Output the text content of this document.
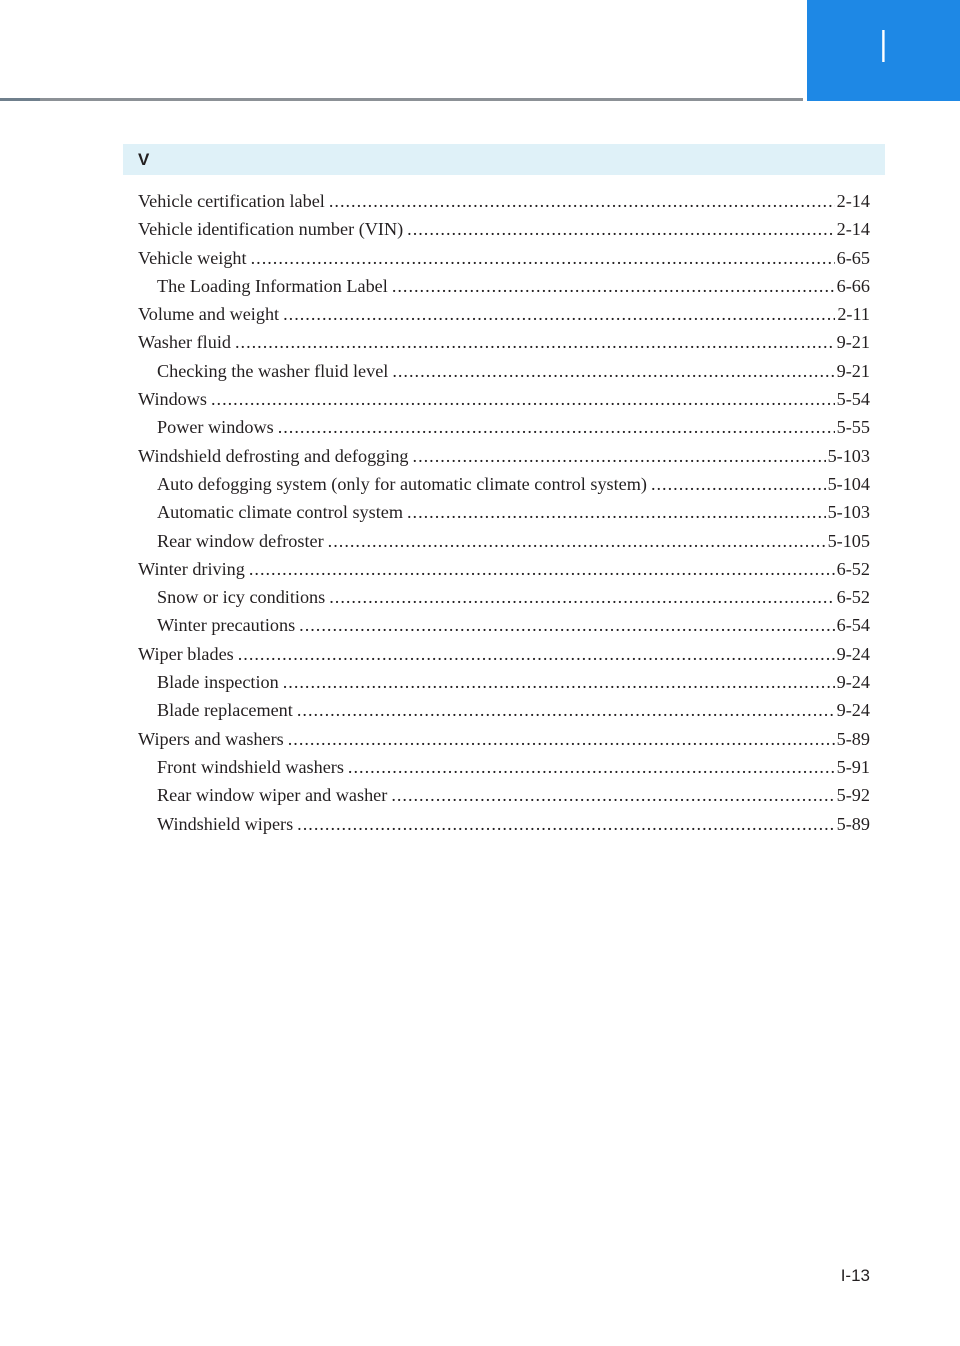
I
V
Vehicle certification label .....	2-14
Vehicle identification number (VIN) .....	2-14
Vehicle weight .....	6-65
The Loading Information Label .....	6-66
Volume and weight .....	2-11
Washer fluid .....	9-21
Checking the washer fluid level .....	9-21
Windows .....	5-54
Power windows .....	5-55
Windshield defrosting and defogging .....	5-103
Auto defogging system (only for automatic climate control system) .....	5-104
Automatic climate control system .....	5-103
Rear window defroster .....	5-105
Winter driving .....	6-52
Snow or icy conditions .....	6-52
Winter precautions .....	6-54
Wiper blades .....	9-24
Blade inspection .....	9-24
Blade replacement .....	9-24
Wipers and washers .....	5-89
Front windshield washers .....	5-91
Rear window wiper and washer .....	5-92
Windshield wipers .....	5-89
I-13
